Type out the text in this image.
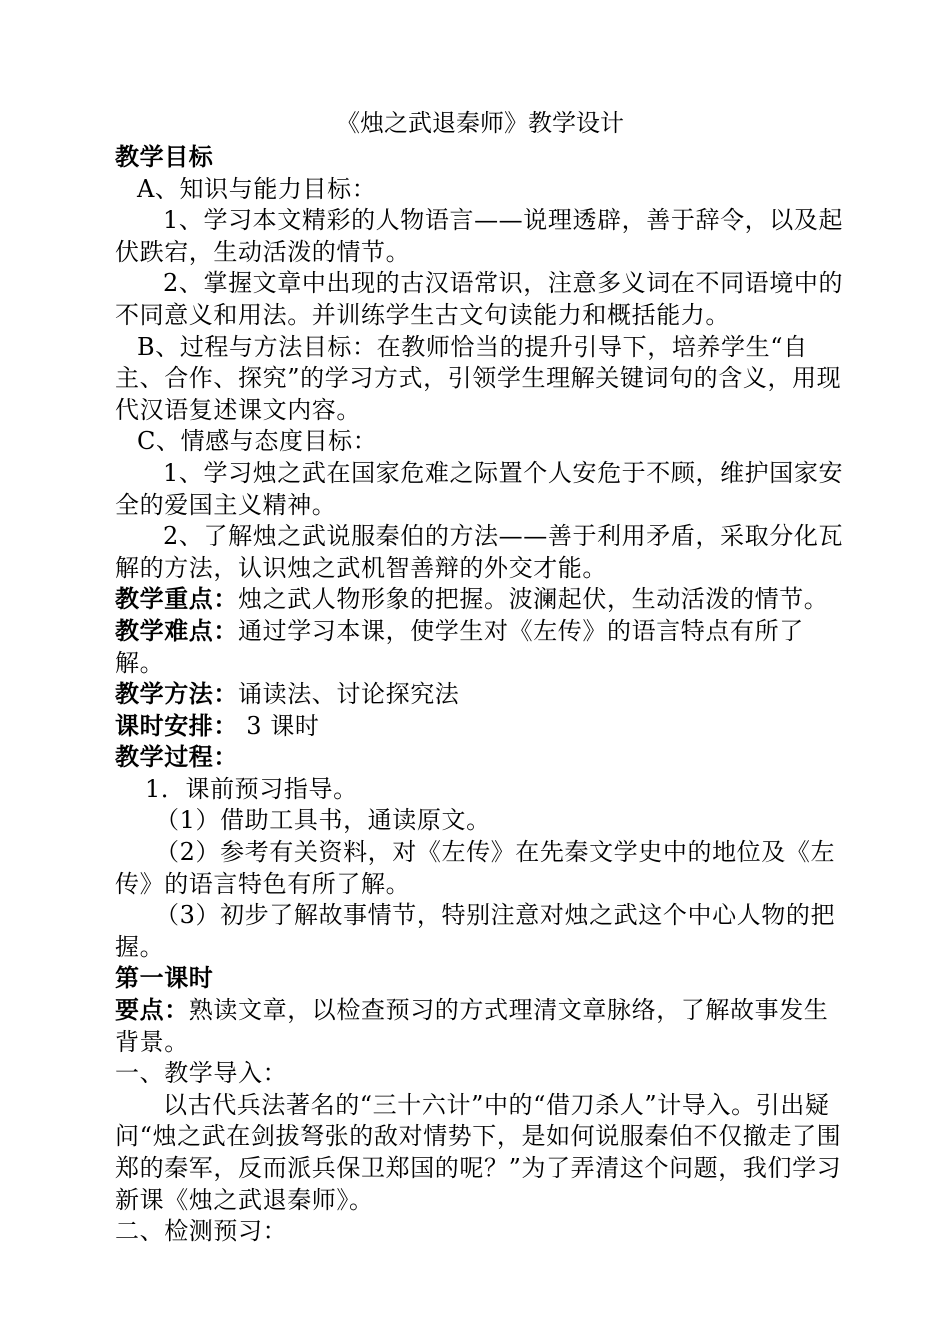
《烛之武退秦师》教学设计

教学目标

A、知识与能力目标：

1、学习本文精彩的人物语言——说理透辟，善于辞令，以及起伏跌宕，生动活泼的情节。

2、掌握文章中出现的古汉语常识，注意多义词在不同语境中的不同意义和用法。并训练学生古文句读能力和概括能力。

B、过程与方法目标：在教师恰当的提升引导下，培养学生“自主、合作、探究”的学习方式，引领学生理解关键词句的含义，用现代汉语复述课文内容。

C、情感与态度目标：

1、学习烛之武在国家危难之际置个人安危于不顾，维护国家安全的爱国主义精神。

2、了解烛之武说服秦伯的方法——善于利用矛盾，采取分化瓦解的方法，认识烛之武机智善辩的外交才能。

教学重点：烛之武人物形象的把握。波澜起伏，生动活泼的情节。

教学难点：通过学习本课，使学生对《左传》的语言特点有所了解。

教学方法：诵读法、讨论探究法

课时安排： 3 课时

教学过程：

1．课前预习指导。

（1）借助工具书，通读原文。

（2）参考有关资料，对《左传》在先秦文学史中的地位及《左传》的语言特色有所了解。

（3）初步了解故事情节，特别注意对烛之武这个中心人物的把握。

第一课时

要点：熟读文章，以检查预习的方式理清文章脉络，了解故事发生背景。

一、教学导入：

以古代兵法著名的“三十六计”中的“借刀杀人”计导入。引出疑问“烛之武在剑拔弩张的敌对情势下，是如何说服秦伯不仅撤走了围郑的秦军，反而派兵保卫郑国的呢？”为了弄清这个问题，我们学习新课《烛之武退秦师》。

二、检测预习：
